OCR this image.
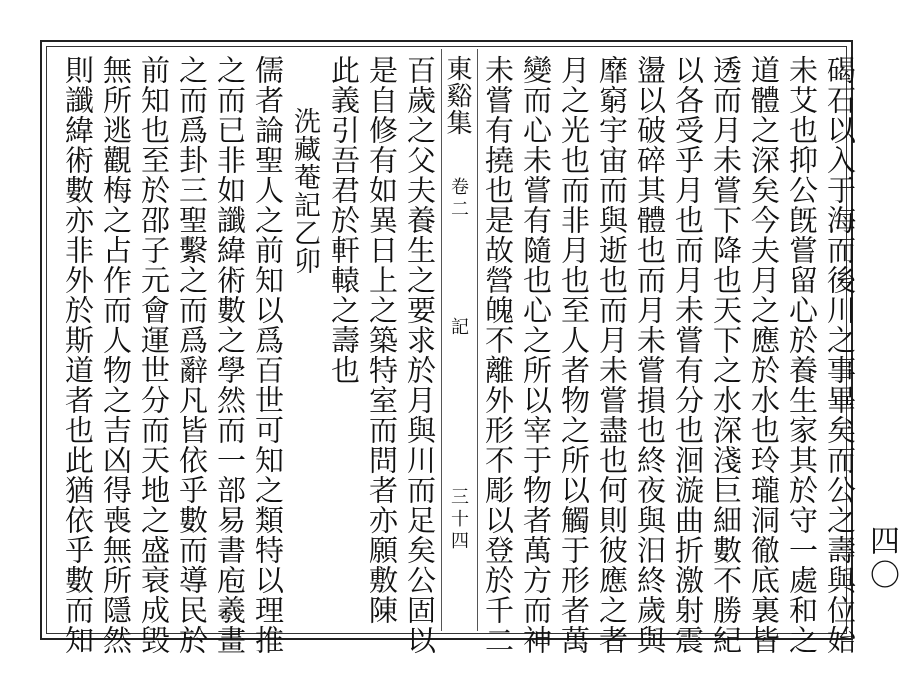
碣石以入于海而後川之事畢矣而公之壽與位始
未艾也抑公旣嘗留心於養生家其於守一處和之
道體之深矣今夫月之應於水也玲瓏洞徹底裏皆
透而月未嘗下降也天下之水深淺巨細數不勝紀
以各受乎月也而月未嘗有分也洄漩曲折激射震
盪以破碎其體也而月未嘗損也終夜與汨終歲與
靡窮宇宙而與逝也而月未嘗盡也何則彼應之者
月之光也而非月也至人者物之所以觸于形者萬
變而心未嘗有隨也心之所以宰于物者萬方而神
未嘗有撓也是故營魄不離外形不彫以登於千二
東谿集
卷二
記
三十四
百歲之父夫養生之要求於月與川而足矣公固以
是自修有如異日上之築特室而問者亦願敷陳
此義引吾君於軒轅之壽也
洗藏菴記乙卯
儒者論聖人之前知以爲百世可知之類特以理推
之而已非如讖緯術數之學然而一部易書庖羲畫
之而爲卦三聖繫之而爲辭凡皆依乎數而導民於
前知也至於邵子元會運世分而天地之盛衰成毁
無所逃觀梅之占作而人物之吉凶得喪無所隱然
則讖緯術數亦非外於斯道者也此猶依乎數而知	四〇
